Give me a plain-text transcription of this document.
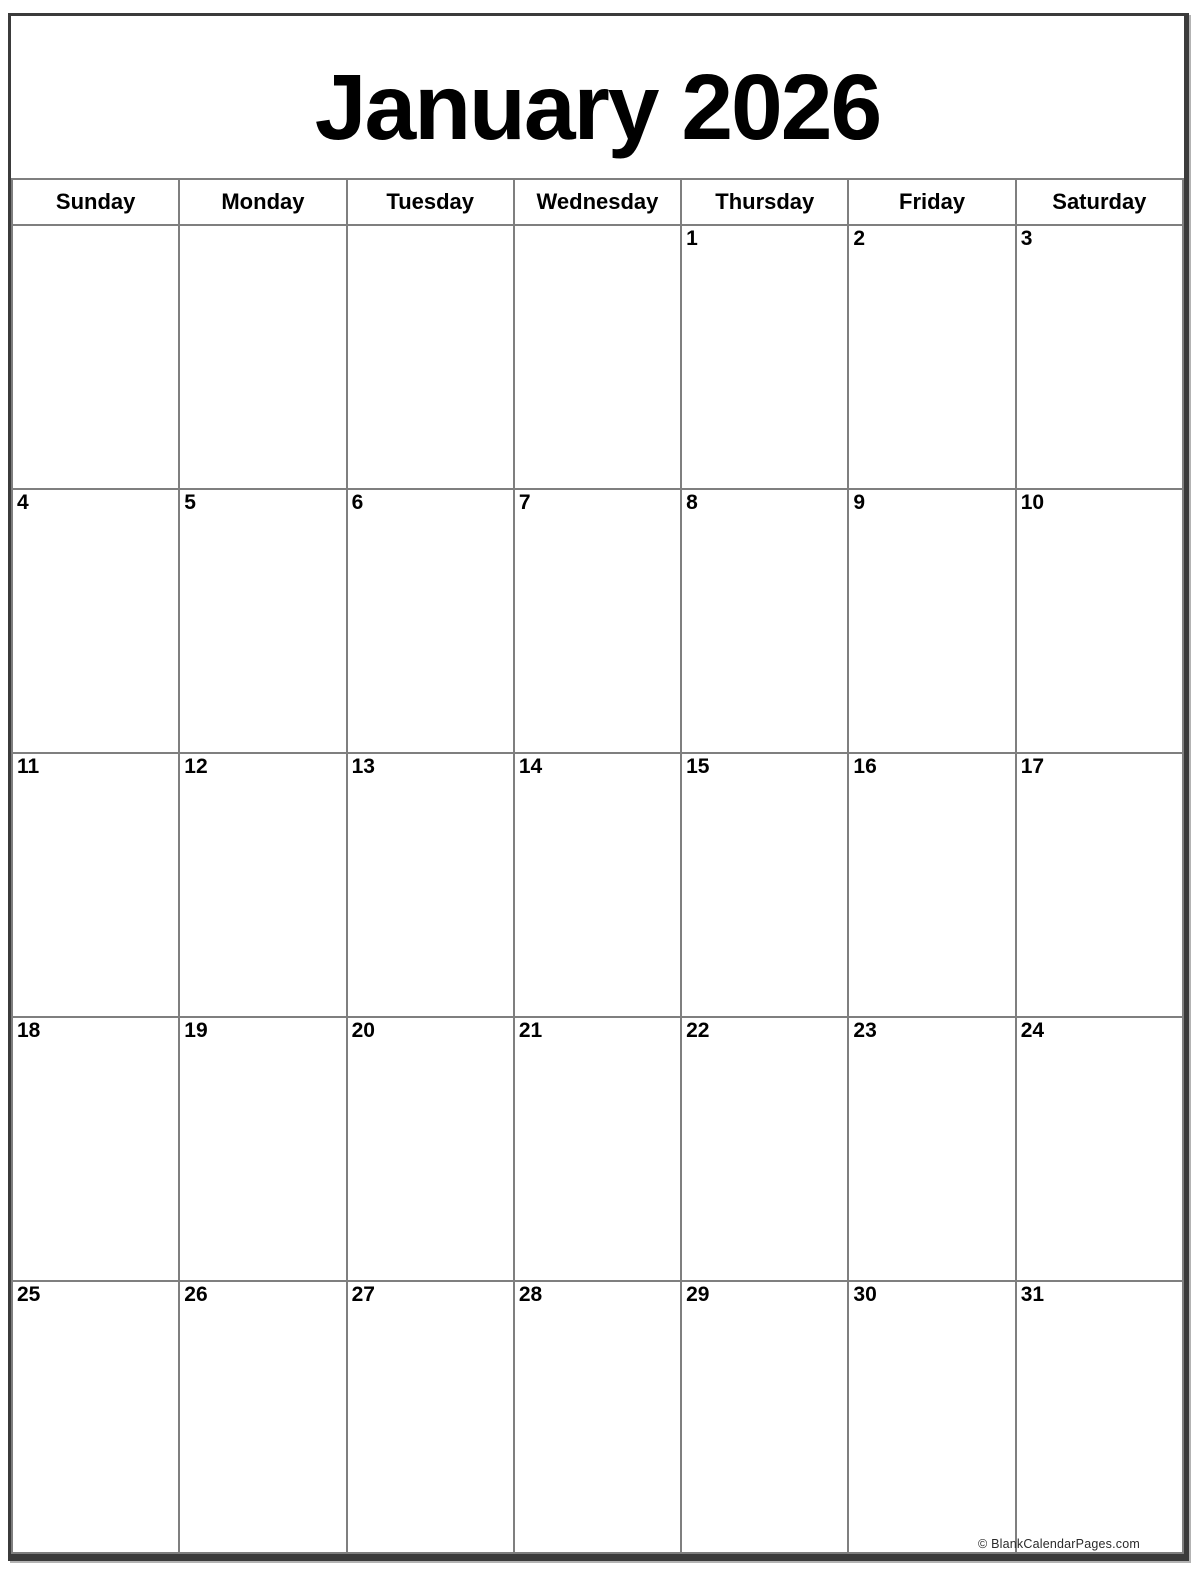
January 2026
Sunday	Monday	Tuesday	Wednesday	Thursday	Friday	Saturday

				1	2	3

4	5	6	7	8	9	10

11	12	13	14	15	16	17

18	19	20	21	22	23	24

25	26	27	28	29	30	31
© BlankCalendarPages.com
